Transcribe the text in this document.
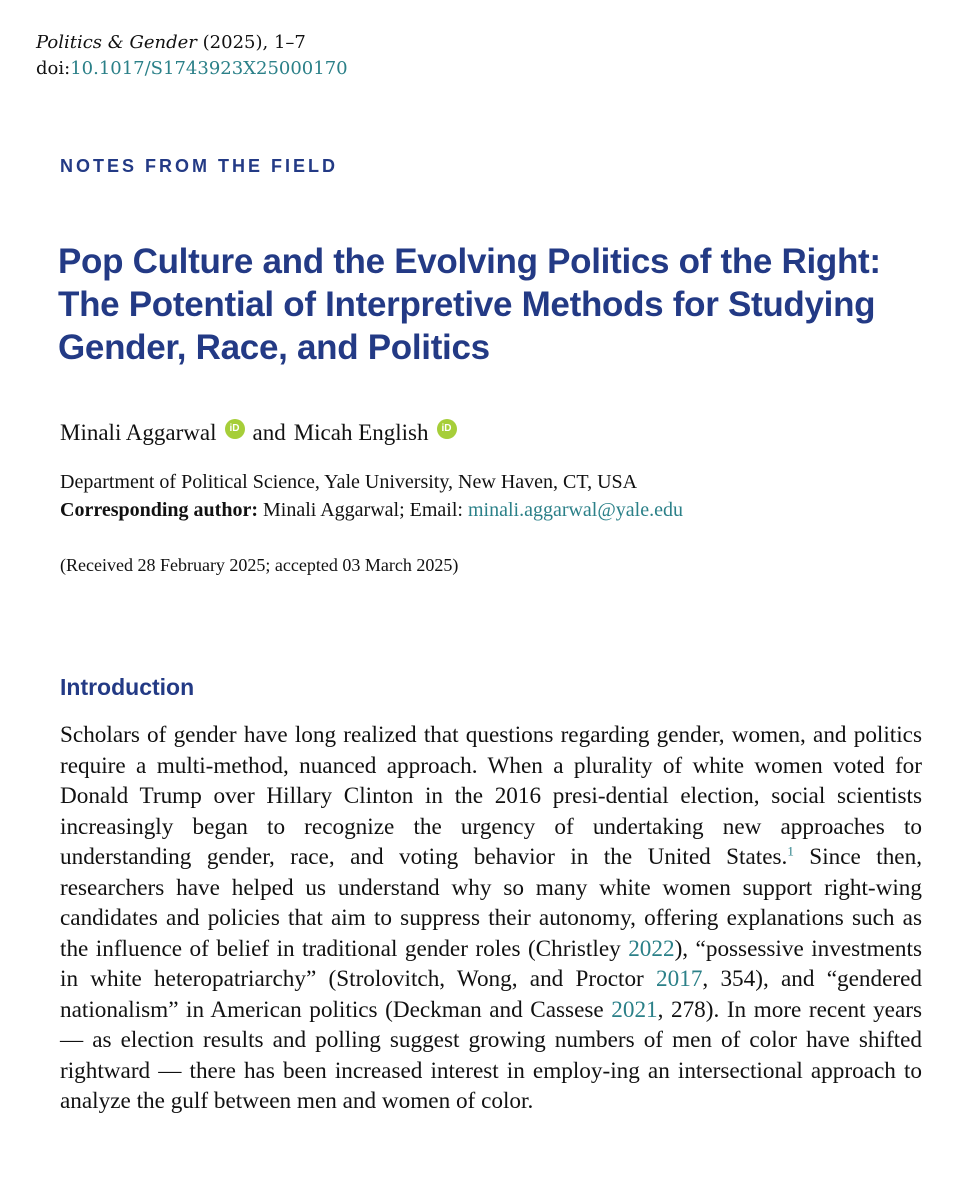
Politics & Gender (2025), 1–7
doi:10.1017/S1743923X25000170
NOTES FROM THE FIELD
Pop Culture and the Evolving Politics of the Right:
The Potential of Interpretive Methods for Studying
Gender, Race, and Politics
Minali Aggarwal	iD and Micah English	iD
Department of Political Science, Yale University, New Haven, CT, USA
Corresponding author: Minali Aggarwal; Email: minali.aggarwal@yale.edu
(Received 28 February 2025; accepted 03 March 2025)
Introduction

Scholars of gender have long realized that questions regarding gender, women, and politics require a multi-method, nuanced approach. When a plurality of white women voted for Donald Trump over Hillary Clinton in the 2016 presi-dential election, social scientists increasingly began to recognize the urgency of undertaking new approaches to understanding gender, race, and voting behavior in the United States.$^1$ Since then, researchers have helped us understand why so many white women support right-wing candidates and policies that aim to suppress their autonomy, offering explanations such as the influence of belief in traditional gender roles (Christley 2022), “possessive investments in white heteropatriarchy” (Strolovitch, Wong, and Proctor 2017, 354), and “gendered nationalism” in American politics (Deckman and Cassese 2021, 278). In more recent years — as election results and polling suggest growing numbers of men of color have shifted rightward — there has been increased interest in employ-ing an intersectional approach to analyze the gulf between men and women of color.
